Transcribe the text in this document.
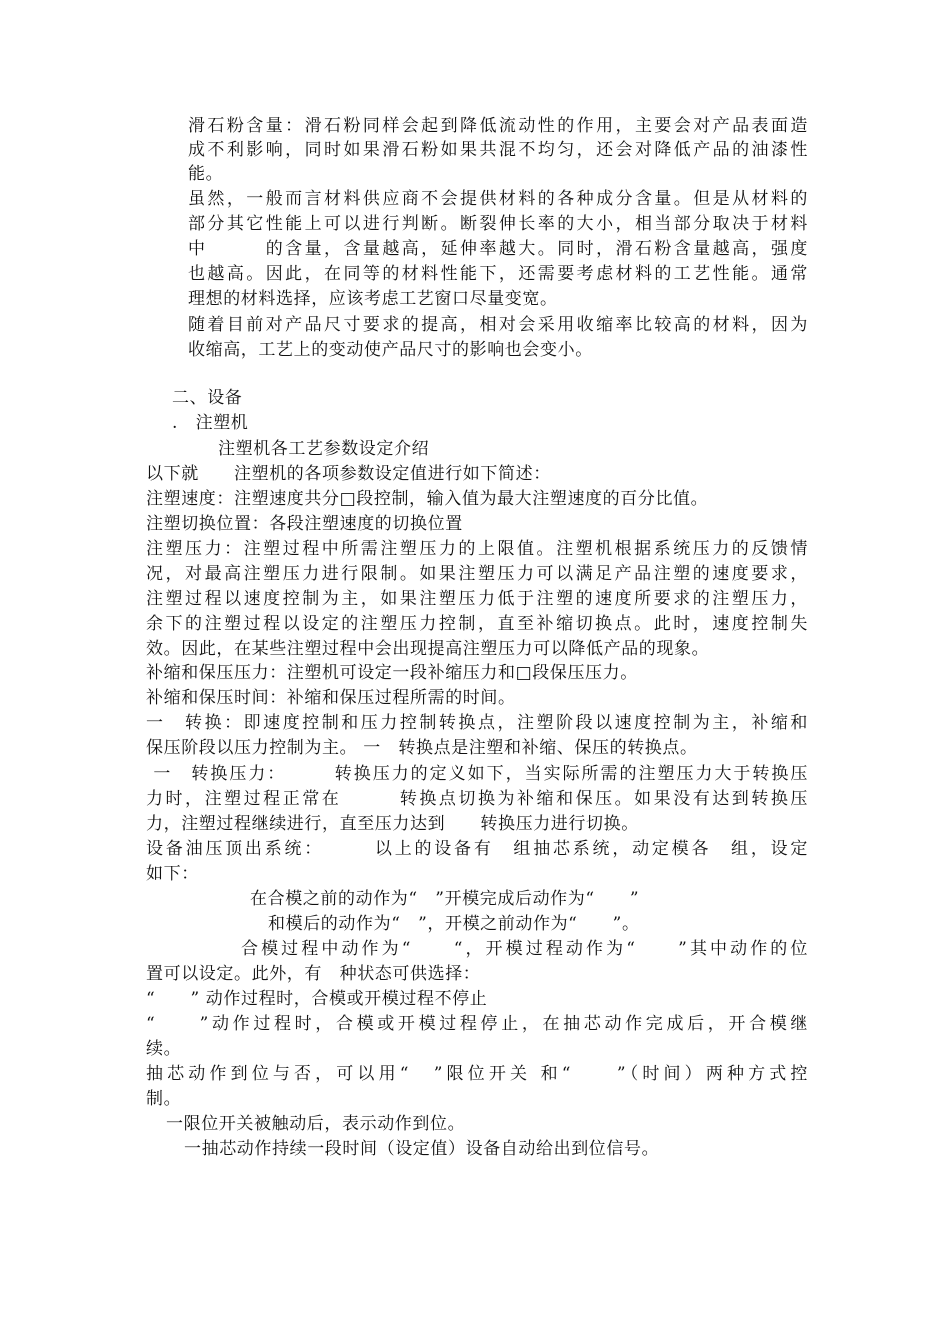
滑石粉含量：滑石粉同样会起到降低流动性的作用，主要会对产品表面造
成不利影响，同时如果滑石粉如果共混不均匀，还会对降低产品的油漆性
能。
虽然，一般而言材料供应商不会提供材料的各种成分含量。但是从材料的
部分其它性能上可以进行判断。断裂伸长率的大小，相当部分取决于材料
中　　　的含量，含量越高，延伸率越大。同时，滑石粉含量越高，强度
也越高。因此，在同等的材料性能下，还需要考虑材料的工艺性能。通常
理想的材料选择，应该考虑工艺窗口尽量变宽。
随着目前对产品尺寸要求的提高，相对会采用收缩率比较高的材料，因为
收缩高，工艺上的变动使产品尺寸的影响也会变小。
二、设备
.　注塑机
注塑机各工艺参数设定介绍
以下就　　注塑机的各项参数设定值进行如下简述：
注塑速度：注塑速度共分□段控制，输入值为最大注塑速度的百分比值。
注塑切换位置：各段注塑速度的切换位置
注塑压力：注塑过程中所需注塑压力的上限值。注塑机根据系统压力的反馈情
况，对最高注塑压力进行限制。如果注塑压力可以满足产品注塑的速度要求，
注塑过程以速度控制为主，如果注塑压力低于注塑的速度所要求的注塑压力，
余下的注塑过程以设定的注塑压力控制，直至补缩切换点。此时，速度控制失
效。因此，在某些注塑过程中会出现提高注塑压力可以降低产品的现象。
补缩和保压压力：注塑机可设定一段补缩压力和□段保压压力。
补缩和保压时间：补缩和保压过程所需的时间。
一　转换：即速度控制和压力控制转换点，注塑阶段以速度控制为主，补缩和
保压阶段以压力控制为主。 一　转换点是注塑和补缩、保压的转换点。
一　转换压力：　　　转换压力的定义如下，当实际所需的注塑压力大于转换压
力时，注塑过程正常在　　　转换点切换为补缩和保压。如果没有达到转换压
力，注塑过程继续进行，直至压力达到　　转换压力进行切换。
设备油压顶出系统：　　　以上的设备有　组抽芯系统，动定模各　组，设定
如下：
在合模之前的动作为“　”开模完成后动作为“　　”
和模后的动作为“　”，开模之前动作为“　　”。
合模过程中动作为“　　“，开模过程动作为“　　”其中动作的位
置可以设定。此外，有　种状态可供选择：
“　　” 动作过程时，合模或开模过程不停止
“　　”动作过程时，合模或开模过程停止，在抽芯动作完成后，开合模继
续。
抽芯动作到位与否，可以用“　”限位开关 和“　　”（时间）两种方式控
制。
一限位开关被触动后，表示动作到位。
一抽芯动作持续一段时间（设定值）设备自动给出到位信号。
